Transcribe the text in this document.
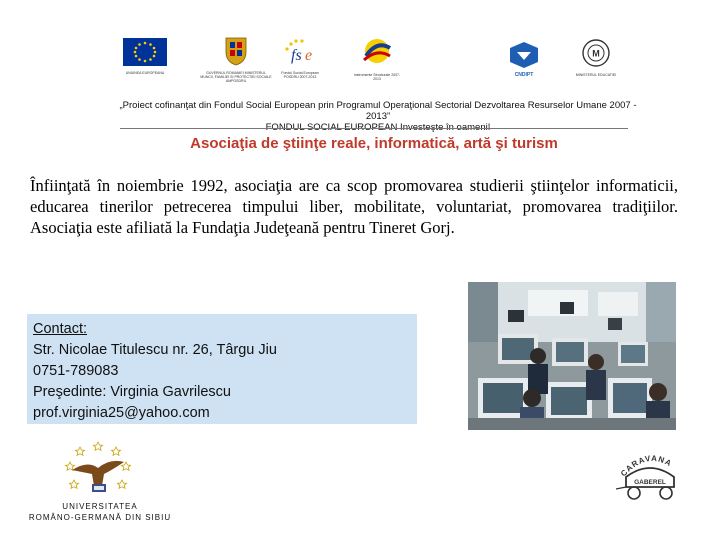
UNIUNEA EUROPEANA	GUVERNUL ROMANIEI MINISTERUL MUNCII, FAMILIEI SI PROTECTIEI SOCIALE AMPOSDRU
fs e
Fondul Social European POSDRU 2007-2013	Instrumente Structurale 2007-2013
CNDIPT
M
MINISTERUL EDUCATIEI
„Proiect cofinanţat din Fondul Social European prin Programul Operaţional Sectorial Dezvoltarea Resurselor Umane 2007 - 2013”
Asociaţia de ştiinţe reale, informatică, artă şi turism
Înfiinţată în noiembrie 1992, asociaţia are ca scop promovarea studierii ştiinţelor informaticii, educarea tinerilor petrecerea timpului liber, mobilitate, voluntariat, promovarea tradiţiilor. Asociaţia este afiliată la Fundaţia Judeţeană pentru Tineret Gorj.
Contact:
Str. Nicolae Titulescu nr. 26, Târgu Jiu
0751-789083
Preşedinte: Virginia Gavrilescu
prof.virginia25@yahoo.com
UNIVERSITATEA
ROMÂNO-GERMANĂ DIN SIBIU
CARAVANA
GABEREL
